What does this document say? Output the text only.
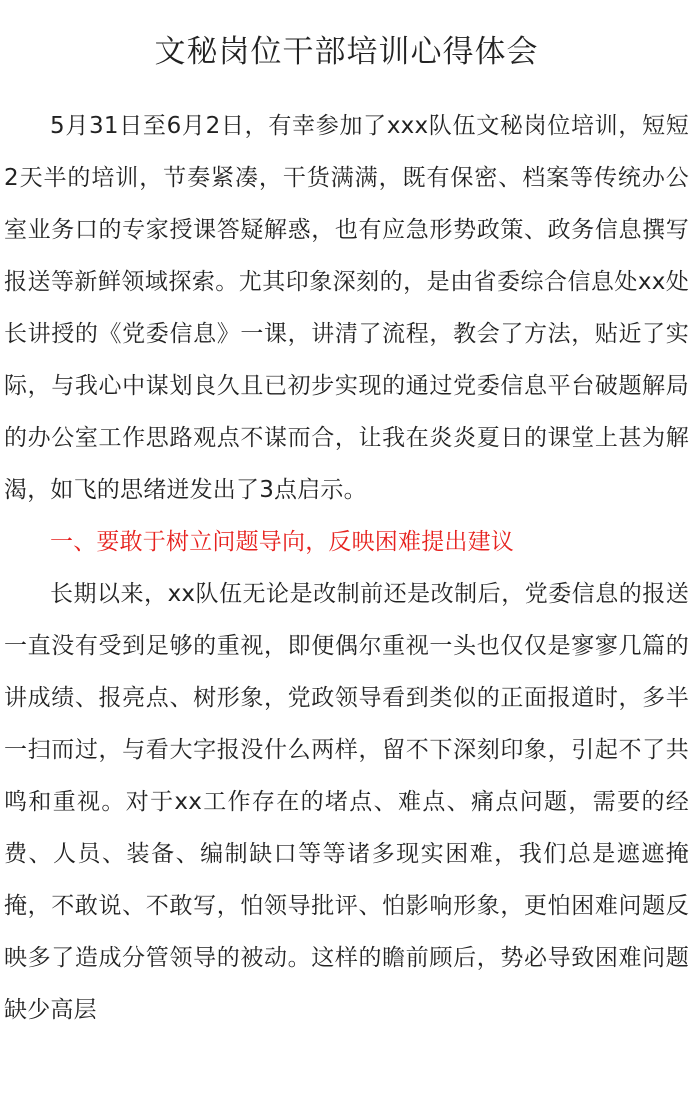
文秘岗位干部培训心得体会

5月31日至6月2日，有幸参加了xxx队伍文秘岗位培训，短短2天半的培训，节奏紧凑，干货满满，既有保密、档案等传统办公室业务口的专家授课答疑解惑，也有应急形势政策、政务信息撰写报送等新鲜领域探索。尤其印象深刻的，是由省委综合信息处xx处长讲授的《党委信息》一课，讲清了流程，教会了方法，贴近了实际，与我心中谋划良久且已初步实现的通过党委信息平台破题解局的办公室工作思路观点不谋而合，让我在炎炎夏日的课堂上甚为解渴，如飞的思绪迸发出了3点启示。

一、要敢于树立问题导向，反映困难提出建议

长期以来，xx队伍无论是改制前还是改制后，党委信息的报送一直没有受到足够的重视，即便偶尔重视一头也仅仅是寥寥几篇的讲成绩、报亮点、树形象，党政领导看到类似的正面报道时，多半一扫而过，与看大字报没什么两样，留不下深刻印象，引起不了共鸣和重视。对于xx工作存在的堵点、难点、痛点问题，需要的经费、人员、装备、编制缺口等等诸多现实困难，我们总是遮遮掩掩，不敢说、不敢写，怕领导批评、怕影响形象，更怕困难问题反映多了造成分管领导的被动。这样的瞻前顾后，势必导致困难问题缺少高层
